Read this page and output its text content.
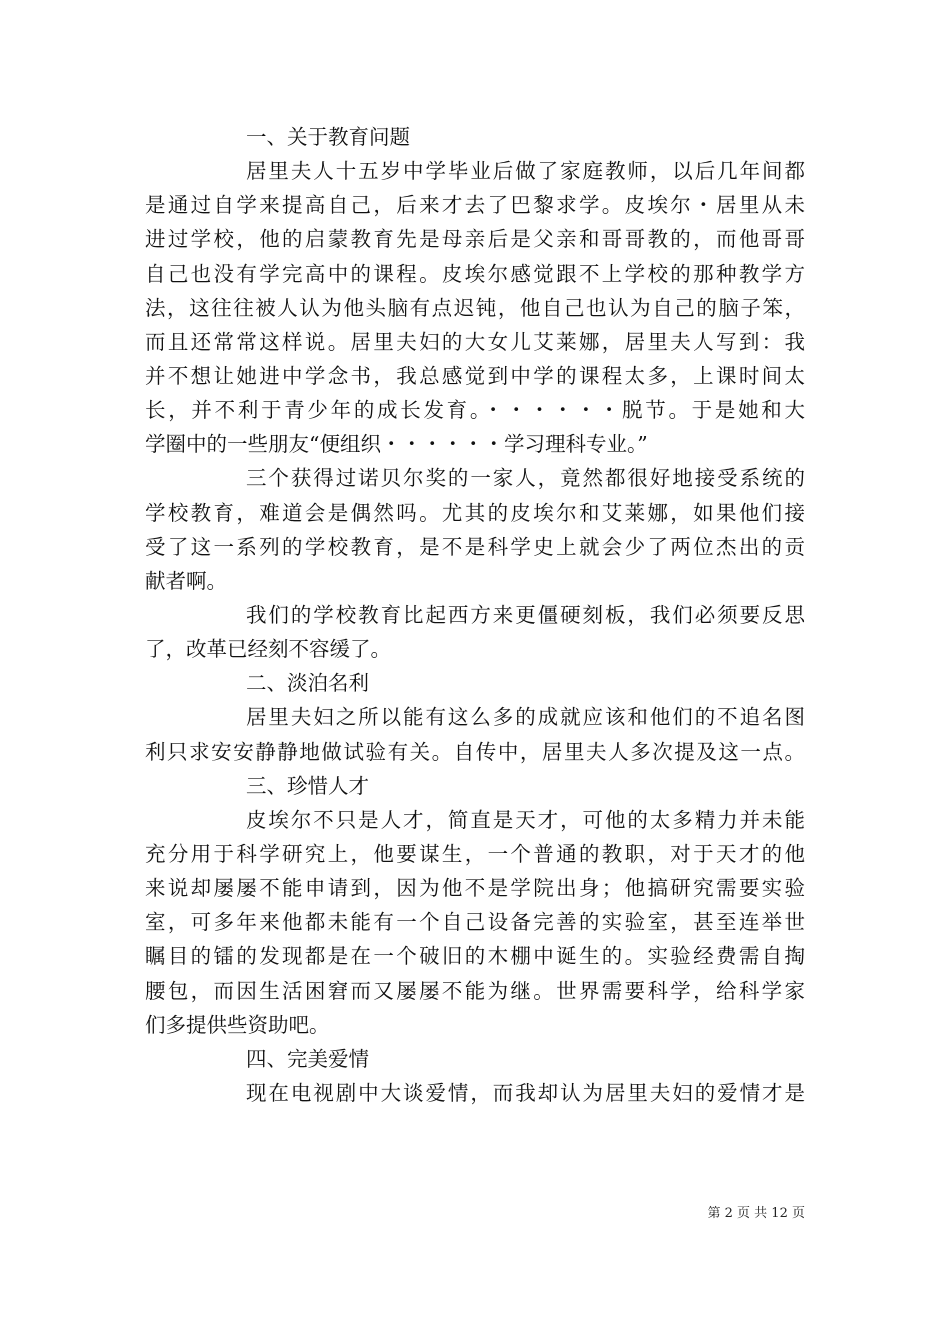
一、关于教育问题
居里夫人十五岁中学毕业后做了家庭教师，以后几年间都
是通过自学来提高自己，后来才去了巴黎求学。皮埃尔・居里从未
进过学校，他的启蒙教育先是母亲后是父亲和哥哥教的，而他哥哥
自己也没有学完高中的课程。皮埃尔感觉跟不上学校的那种教学方
法，这往往被人认为他头脑有点迟钝，他自己也认为自己的脑子笨，
而且还常常这样说。居里夫妇的大女儿艾莱娜，居里夫人写到：我
并不想让她进中学念书，我总感觉到中学的课程太多，上课时间太
长，并不利于青少年的成长发育。・・・・・・脱节。于是她和大
学圈中的一些朋友“便组织・・・・・・学习理科专业。”
三个获得过诺贝尔奖的一家人，竟然都很好地接受系统的
学校教育，难道会是偶然吗。尤其的皮埃尔和艾莱娜，如果他们接
受了这一系列的学校教育，是不是科学史上就会少了两位杰出的贡
献者啊。
我们的学校教育比起西方来更僵硬刻板，我们必须要反思
了，改革已经刻不容缓了。
二、淡泊名利
居里夫妇之所以能有这么多的成就应该和他们的不追名图
利只求安安静静地做试验有关。自传中，居里夫人多次提及这一点。
三、珍惜人才
皮埃尔不只是人才，简直是天才，可他的太多精力并未能
充分用于科学研究上，他要谋生，一个普通的教职，对于天才的他
来说却屡屡不能申请到，因为他不是学院出身；他搞研究需要实验
室，可多年来他都未能有一个自己设备完善的实验室，甚至连举世
瞩目的镭的发现都是在一个破旧的木棚中诞生的。实验经费需自掏
腰包，而因生活困窘而又屡屡不能为继。世界需要科学，给科学家
们多提供些资助吧。
四、完美爱情
现在电视剧中大谈爱情，而我却认为居里夫妇的爱情才是
第 2 页 共 12 页
